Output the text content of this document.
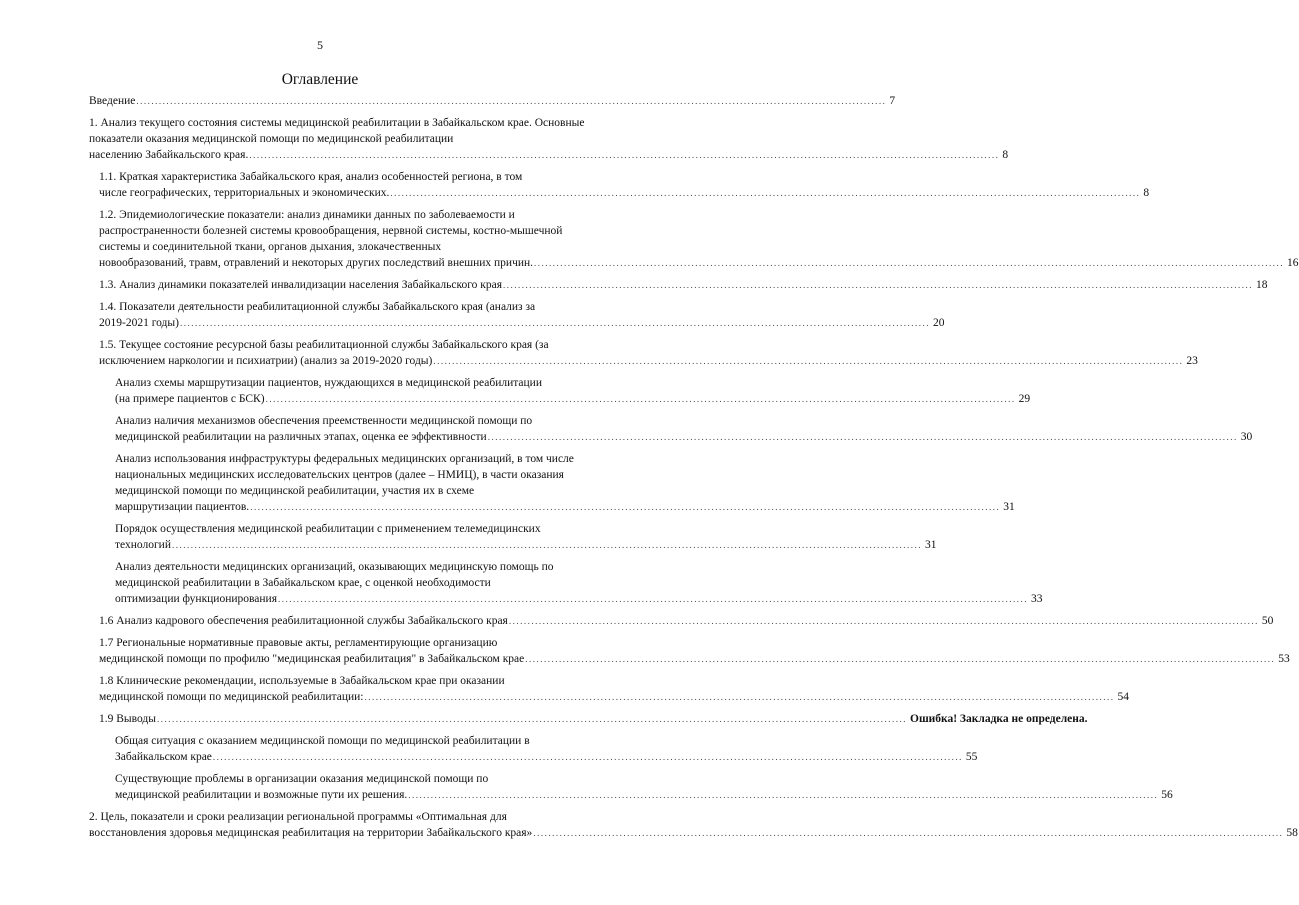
5
Оглавление
Введение ........................................................................................................................................................................................................ 7
1. Анализ текущего состояния системы медицинской реабилитации в Забайкальском крае. Основные показатели оказания медицинской помощи по медицинской реабилитации
населению Забайкальского края. ........................................................................................................................................................................................................ 8
1.1. Краткая характеристика Забайкальского края, анализ особенностей региона, в том
числе географических, территориальных и экономических. ........................................................................................................................................................................................................ 8
1.2. Эпидемиологические показатели: анализ динамики данных по заболеваемости и распространенности болезней системы кровообращения, нервной системы, костно-мышечной системы и соединительной ткани, органов дыхания, злокачественных
новообразований, травм, отравлений и некоторых других последствий внешних причин. ........................................................................................................................................................................................................ 16
1.3. Анализ динамики показателей инвалидизации населения Забайкальского края ........................................................................................................................................................................................................ 18
1.4. Показатели деятельности реабилитационной службы Забайкальского края (анализ за
2019-2021 годы) ........................................................................................................................................................................................................ 20
1.5. Текущее состояние ресурсной базы реабилитационной службы Забайкальского края (за
исключением наркологии и психиатрии) (анализ за 2019-2020 годы) ........................................................................................................................................................................................................ 23
Анализ схемы маршрутизации пациентов, нуждающихся в медицинской реабилитации
(на примере пациентов с БСК) ........................................................................................................................................................................................................ 29
Анализ наличия механизмов обеспечения преемственности медицинской помощи по
медицинской реабилитации на различных этапах, оценка ее эффективности ........................................................................................................................................................................................................ 30
Анализ использования инфраструктуры федеральных медицинских организаций, в том числе национальных медицинских исследовательских центров (далее – НМИЦ), в части оказания медицинской помощи по медицинской реабилитации, участия их в схеме
маршрутизации пациентов. ........................................................................................................................................................................................................ 31
Порядок осуществления медицинской реабилитации с применением телемедицинских
технологий ........................................................................................................................................................................................................ 31
Анализ деятельности медицинских организаций, оказывающих медицинскую помощь по медицинской реабилитации в Забайкальском крае, с оценкой необходимости
оптимизации функционирования ........................................................................................................................................................................................................ 33
1.6 Анализ кадрового обеспечения реабилитационной службы Забайкальского края ........................................................................................................................................................................................................ 50
1.7 Региональные нормативные правовые акты, регламентирующие организацию
медицинской помощи по профилю "медицинская реабилитация" в Забайкальском крае ........................................................................................................................................................................................................ 53
1.8 Клинические рекомендации, используемые в Забайкальском крае при оказании
медицинской помощи по медицинской реабилитации: ........................................................................................................................................................................................................ 54
1.9 Выводы ........................................................................................................................................................................................................ Ошибка! Закладка не определена.
Общая ситуация с оказанием медицинской помощи по медицинской реабилитации в
Забайкальском крае ........................................................................................................................................................................................................ 55
Существующие проблемы в организации оказания медицинской помощи по
медицинской реабилитации и возможные пути их решения. ........................................................................................................................................................................................................ 56
2. Цель, показатели и сроки реализации региональной программы «Оптимальная для
восстановления здоровья медицинская реабилитация на территории Забайкальского края» ........................................................................................................................................................................................................ 58
